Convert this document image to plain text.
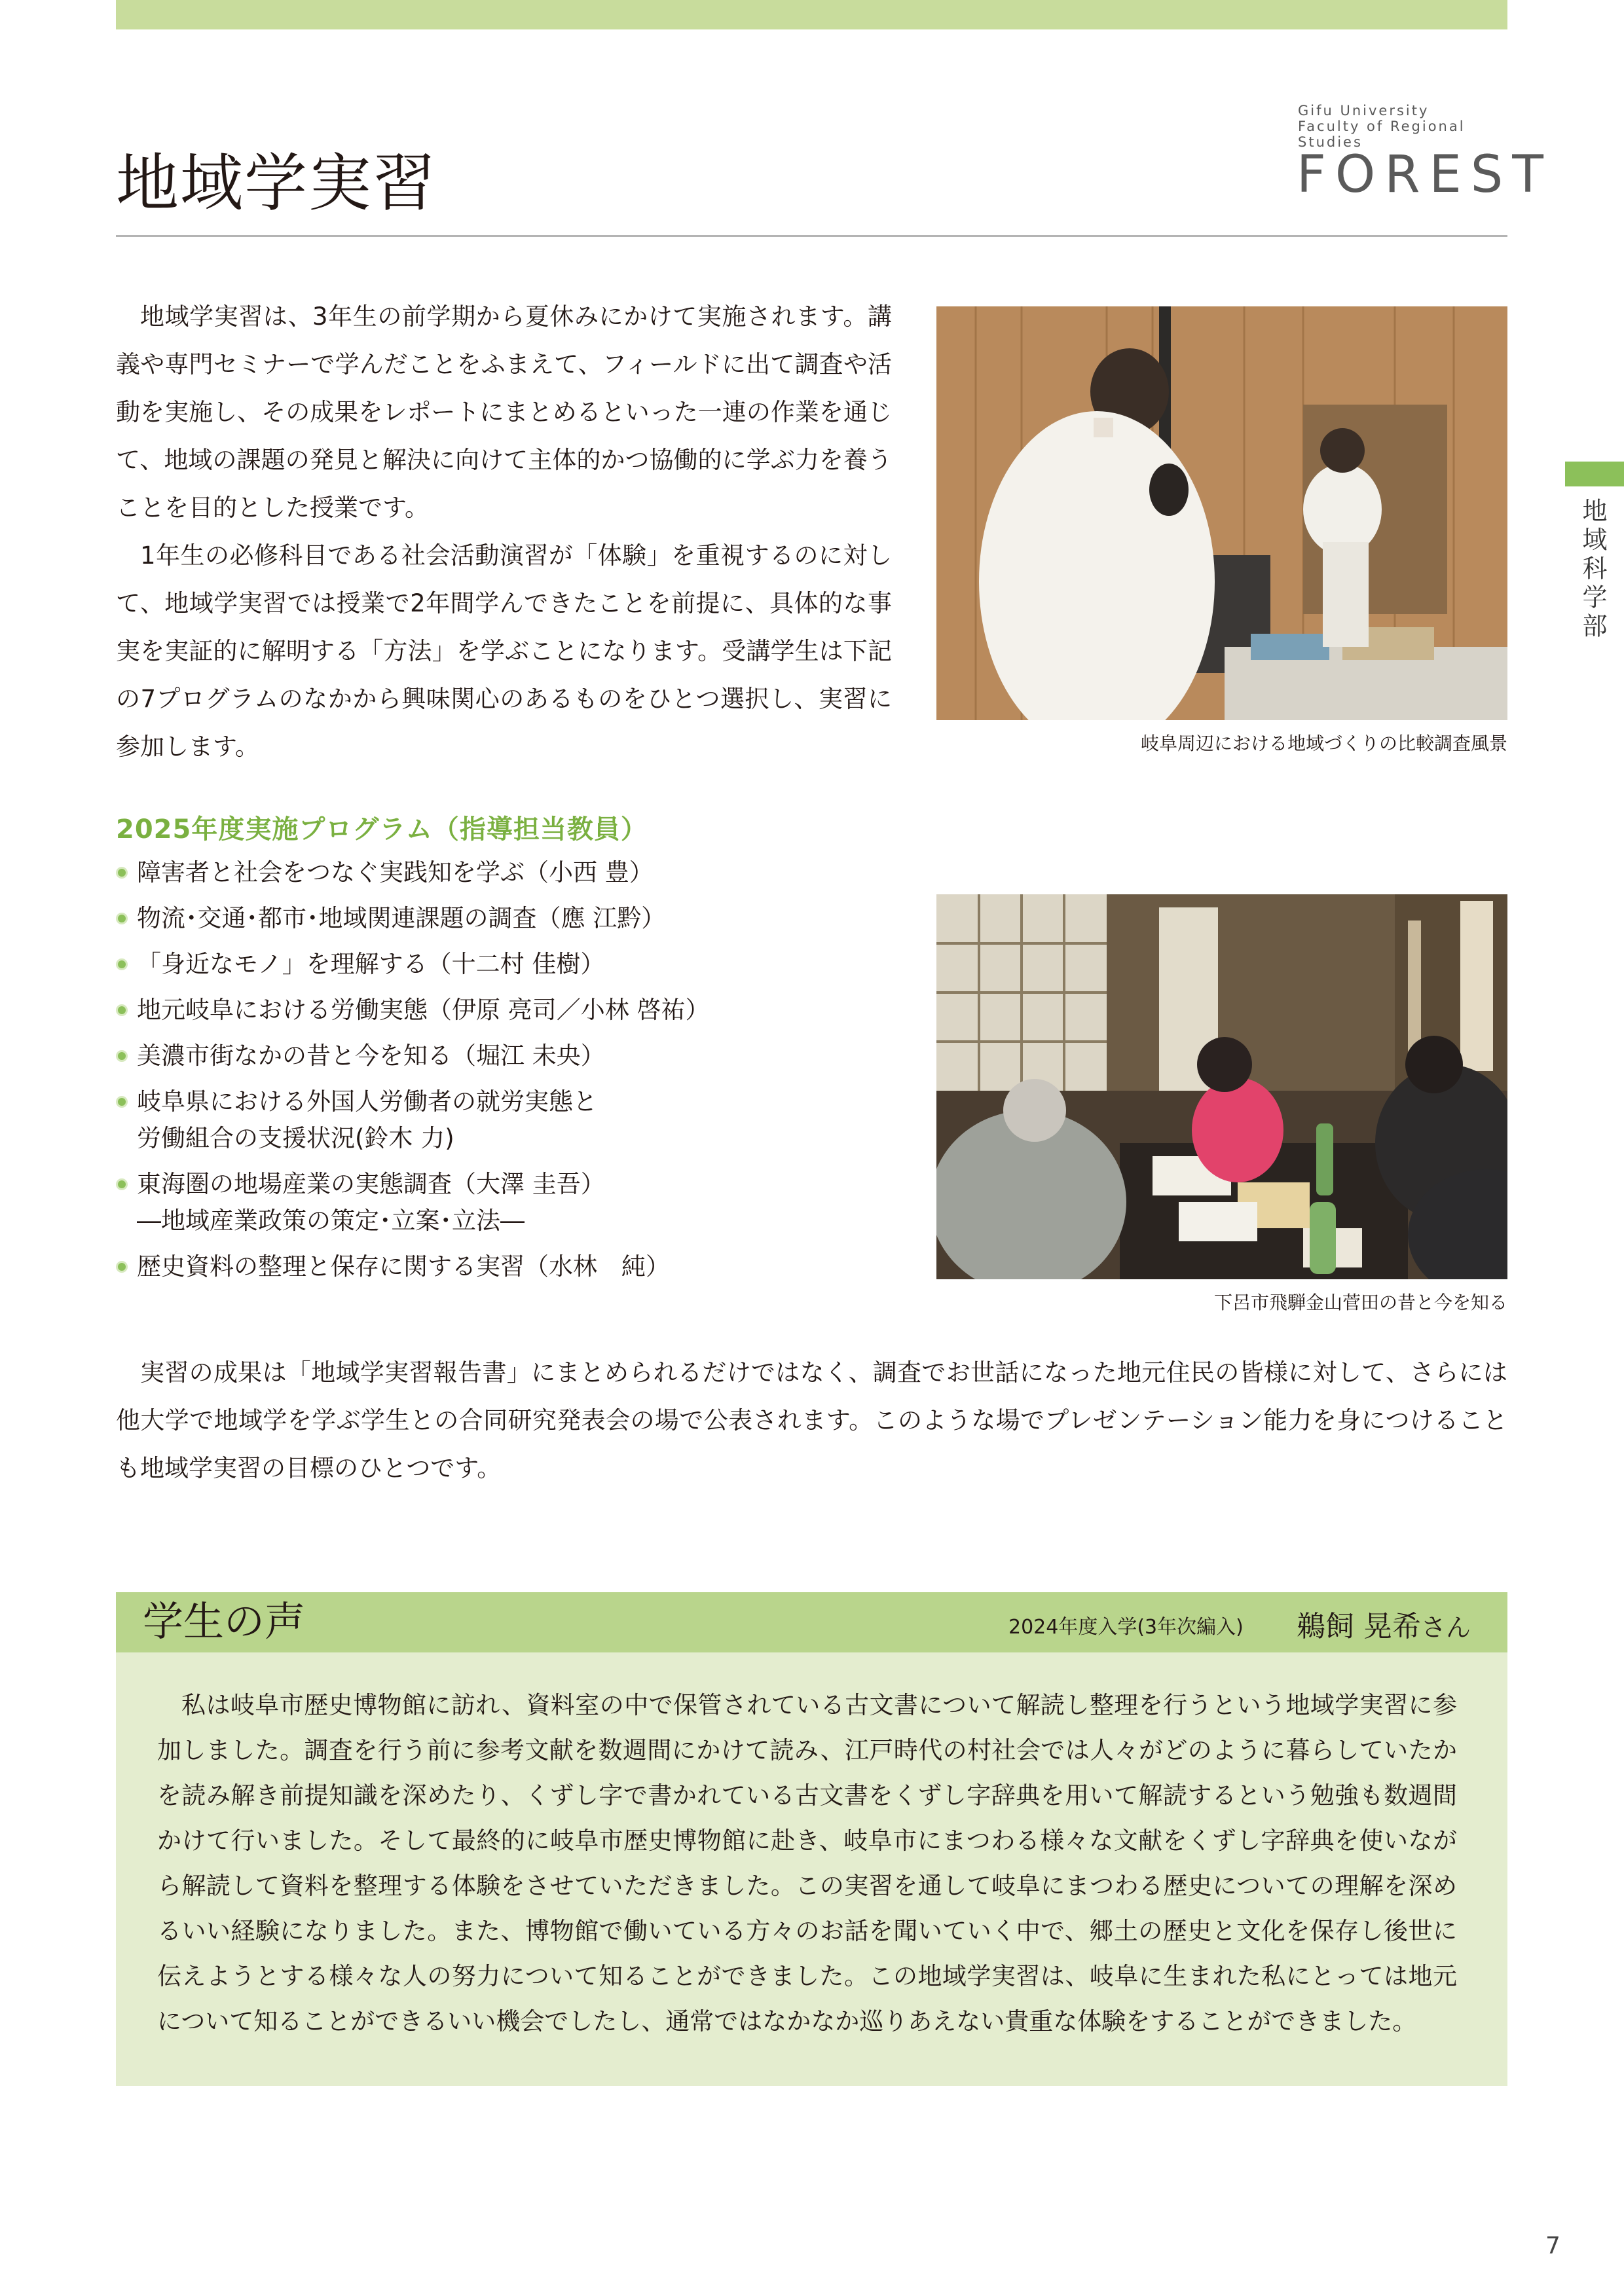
地域学実習
Gifu University
Faculty of Regional Studies
FOREST
地域科学部

地域学実習は、3年生の前学期から夏休みにかけて実施されます。講義や専門セミナーで学んだことをふまえて、フィールドに出て調査や活動を実施し、その成果をレポートにまとめるといった一連の作業を通じて、地域の課題の発見と解決に向けて主体的かつ協働的に学ぶ力を養うことを目的とした授業です。

1年生の必修科目である社会活動演習が「体験」を重視するのに対して、地域学実習では授業で2年間学んできたことを前提に、具体的な事実を実証的に解明する「方法」を学ぶことになります。受講学生は下記の7プログラムのなかから興味関心のあるものをひとつ選択し、実習に参加します。	岐阜周辺における地域づくりの比較調査風景
2025年度実施プログラム（指導担当教員）
障害者と社会をつなぐ実践知を学ぶ（小西 豊）
物流･交通･都市･地域関連課題の調査（應 江黔）
「身近なモノ」を理解する（十二村 佳樹）
地元岐阜における労働実態（伊原 亮司／小林 啓祐）
美濃市街なかの昔と今を知る（堀江 未央）
岐阜県における外国人労働者の就労実態と
労働組合の支援状況(鈴木 力)
東海圏の地場産業の実態調査（大澤 圭吾）
―地域産業政策の策定･立案･立法―
歴史資料の整理と保存に関する実習（水林　純）
下呂市飛騨金山菅田の昔と今を知る

実習の成果は「地域学実習報告書」にまとめられるだけではなく、調査でお世話になった地元住民の皆様に対して、さらには他大学で地域学を学ぶ学生との合同研究発表会の場で公表されます。このような場でプレゼンテーション能力を身につけることも地域学実習の目標のひとつです。

学生の声	2024年度入学(3年次編入) 鵜飼 晃希さん

私は岐阜市歴史博物館に訪れ、資料室の中で保管されている古文書について解読し整理を行うという地域学実習に参加しました。調査を行う前に参考文献を数週間にかけて読み、江戸時代の村社会では人々がどのように暮らしていたかを読み解き前提知識を深めたり、くずし字で書かれている古文書をくずし字辞典を用いて解読するという勉強も数週間かけて行いました。そして最終的に岐阜市歴史博物館に赴き、岐阜市にまつわる様々な文献をくずし字辞典を使いながら解読して資料を整理する体験をさせていただきました。この実習を通して岐阜にまつわる歴史についての理解を深めるいい経験になりました。また、博物館で働いている方々のお話を聞いていく中で、郷土の歴史と文化を保存し後世に伝えようとする様々な人の努力について知ることができました。この地域学実習は、岐阜に生まれた私にとっては地元について知ることができるいい機会でしたし、通常ではなかなか巡りあえない貴重な体験をすることができました。

7
